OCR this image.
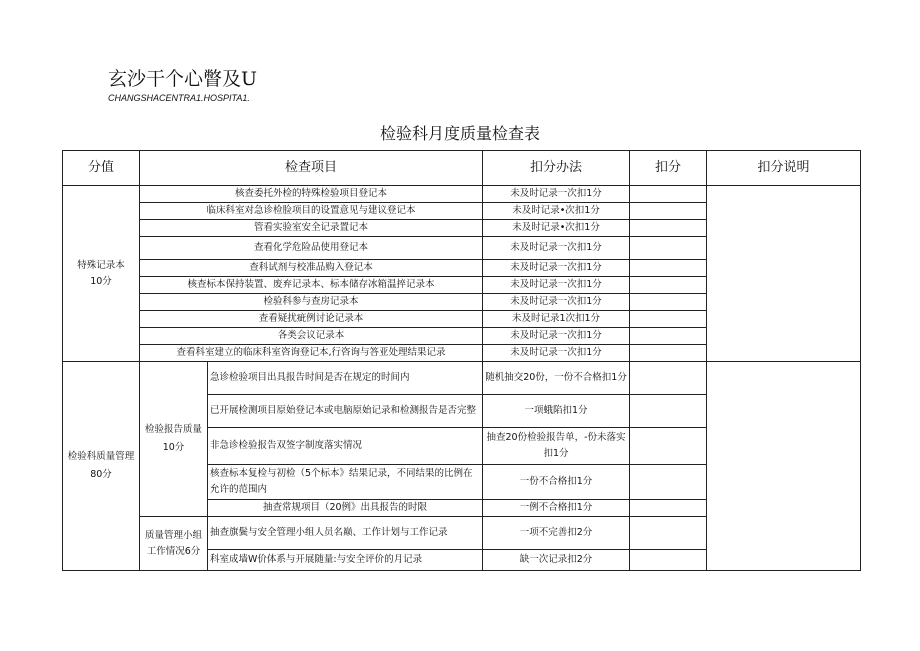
玄沙干个心瞥及U
CHANGSHACENTRA1.HOSPITA1.
检验科月度质量检查表
分值	检查项目		扣分办法	扣分	扣分说明
特殊记录本
10分	核查委托外检的特殊检验项目登记本		未及时记录一次扣1分		
	临床科室对急诊检脸项目的设置意见与建议登记本		未及时记录•次扣1分		
	管看实验室安全记录置记本		未及时记录•次扣1分		
	查看化学危险品使用登记本		未及时记录一次扣1分		
	查科试剂与校准品购入登记本		未及时记录一次扣1分		
	核查标本保持装置、废弃记录本、标本储存冰箱温捽记录本		未及时记录一次扣1分		
	检验科参与查房记录本		未及时记录一次扣1分		
	查看疑扰疵例讨论记录本		未及时记录1次扣1分		
	各类会议记录本		未及时记录一次扣1分		
	查看科室建立的临床科室咨询登记本,行咨询与答亚处理结果记录		未及时记录一次扣1分		
检验科质量管理80分	检验报告质量10分	急诊检验项目出具报告时间是否在规定的时间内	随机抽交20份，一份不合格扣1分		
		已开展检测项目原始登记本或电脑原始记录和检测报告是否完整	一项蛾陷扣1分		
		非急诊检验报告双签字制度落实情况	抽查20份检验报告单，-份未落实扣1分		
		核查标本复检与初检（5个标本》结果记录，不同结果的比例在允许的范围内	一份不合格扣1分		
		抽查常规项目（20例》出具报告的时限	一例不合格扣1分		
	质量管理小组工作情况6分	抽查旗鬓与安全管理小组人员名巅、工作计划与工作记录	一项不完善扣2分		
		科室成墙W价体系与开展随量:与安全评价的月记录	缺一次记录扣2分		
